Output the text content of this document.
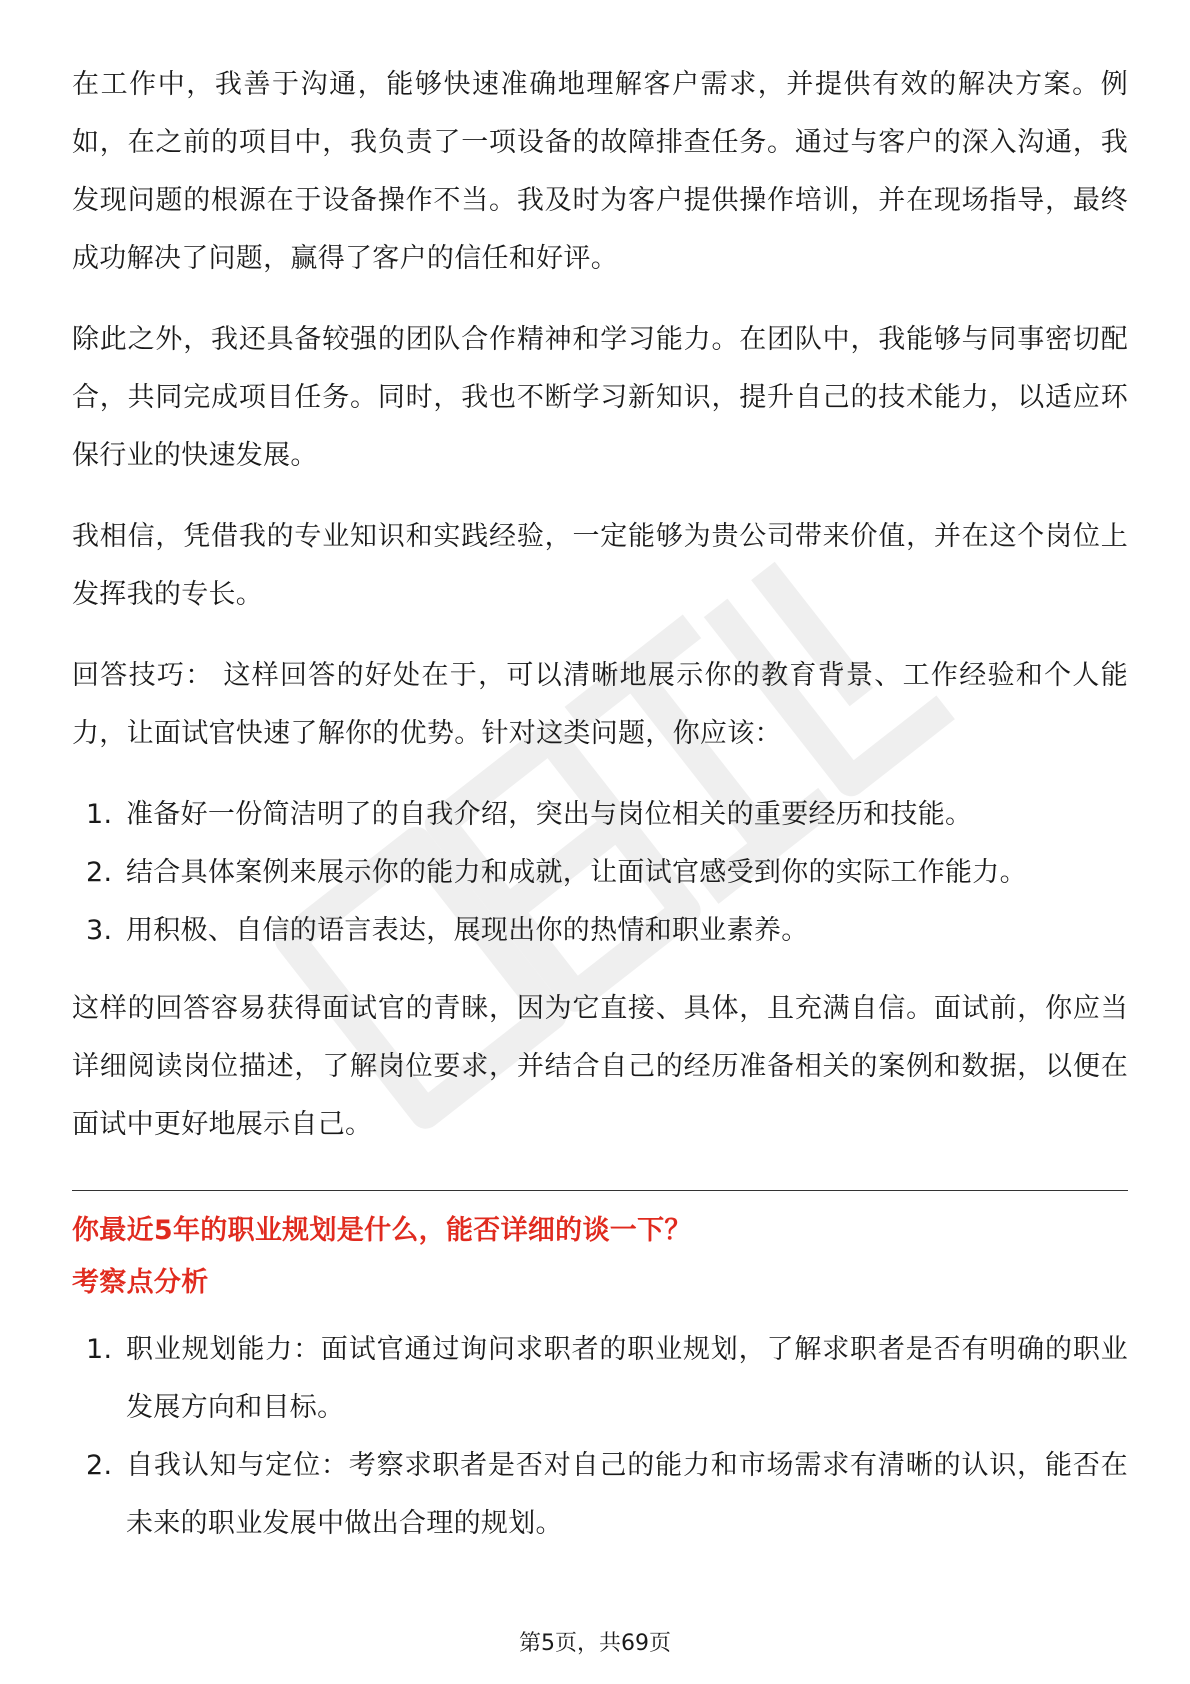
在工作中，我善于沟通，能够快速准确地理解客户需求，并提供有效的解决方案。例如，在之前的项目中，我负责了一项设备的故障排查任务。通过与客户的深入沟通，我发现问题的根源在于设备操作不当。我及时为客户提供操作培训，并在现场指导，最终成功解决了问题，赢得了客户的信任和好评。

除此之外，我还具备较强的团队合作精神和学习能力。在团队中，我能够与同事密切配合，共同完成项目任务。同时，我也不断学习新知识，提升自己的技术能力，以适应环保行业的快速发展。

我相信，凭借我的专业知识和实践经验，一定能够为贵公司带来价值，并在这个岗位上发挥我的专长。

回答技巧： 这样回答的好处在于，可以清晰地展示你的教育背景、工作经验和个人能力，让面试官快速了解你的优势。针对这类问题，你应该：

1. 准备好一份简洁明了的自我介绍，突出与岗位相关的重要经历和技能。
2. 结合具体案例来展示你的能力和成就，让面试官感受到你的实际工作能力。
3. 用积极、自信的语言表达，展现出你的热情和职业素养。

这样的回答容易获得面试官的青睐，因为它直接、具体，且充满自信。面试前，你应当详细阅读岗位描述，了解岗位要求，并结合自己的经历准备相关的案例和数据，以便在面试中更好地展示自己。

你最近5年的职业规划是什么，能否详细的谈一下？

考察点分析

1. 职业规划能力：面试官通过询问求职者的职业规划，了解求职者是否有明确的职业发展方向和目标。
2. 自我认知与定位：考察求职者是否对自己的能力和市场需求有清晰的认识，能否在未来的职业发展中做出合理的规划。
第5页，共69页
